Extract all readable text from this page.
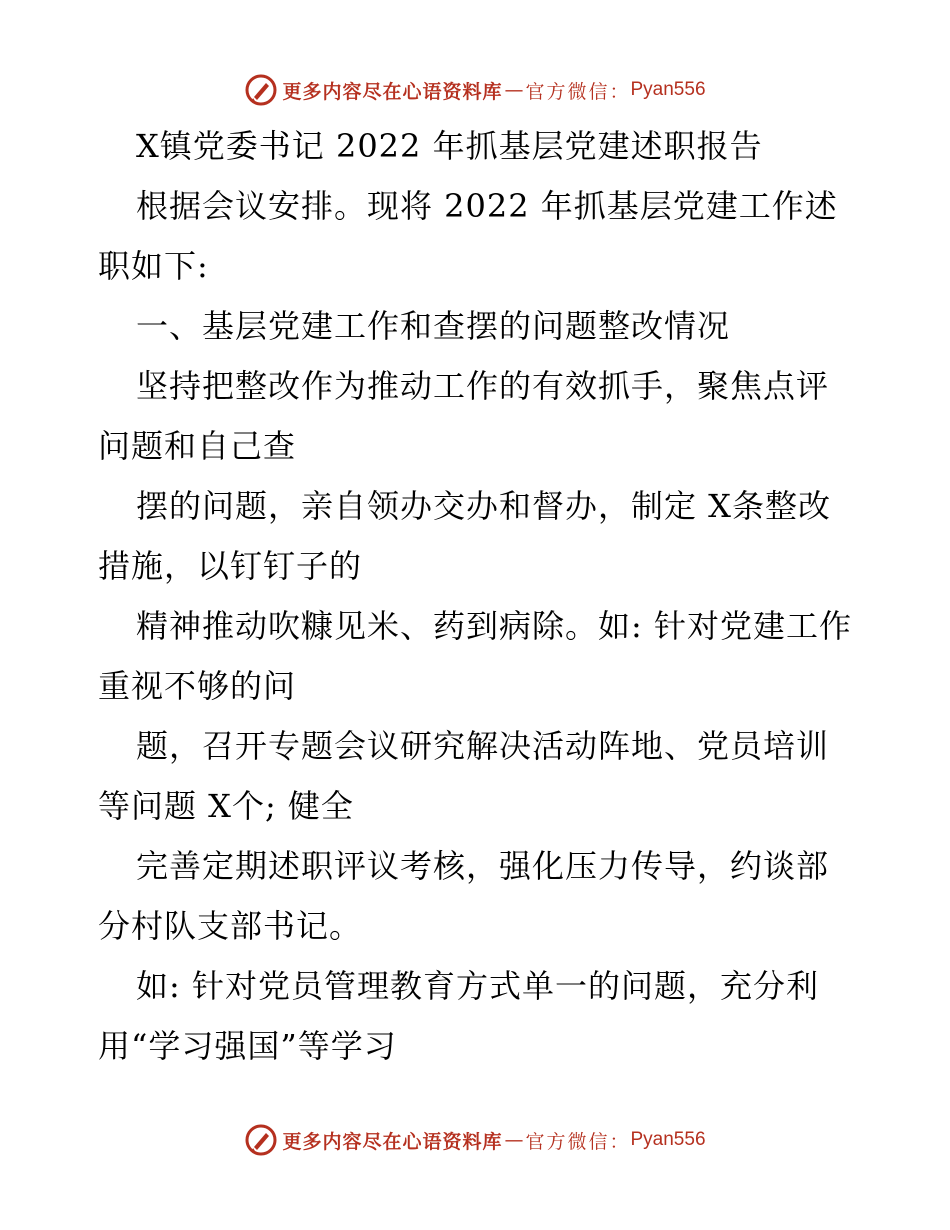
更多内容尽在心语资料库 — 官方微信： Pyan556

X镇党委书记 2022 年抓基层党建述职报告

根据会议安排。现将 2022 年抓基层党建工作述职如下:

一、基层党建工作和查摆的问题整改情况

坚持把整改作为推动工作的有效抓手，聚焦点评问题和自己查

摆的问题，亲自领办交办和督办，制定 X条整改措施，以钉钉子的

精神推动吹糠见米、药到病除。如: 针对党建工作重视不够的问

题，召开专题会议研究解决活动阵地、党员培训等问题 X个; 健全

完善定期述职评议考核，强化压力传导，约谈部分村队支部书记。

如: 针对党员管理教育方式单一的问题，充分利用“学习强国”等学习

更多内容尽在心语资料库 — 官方微信： Pyan556
